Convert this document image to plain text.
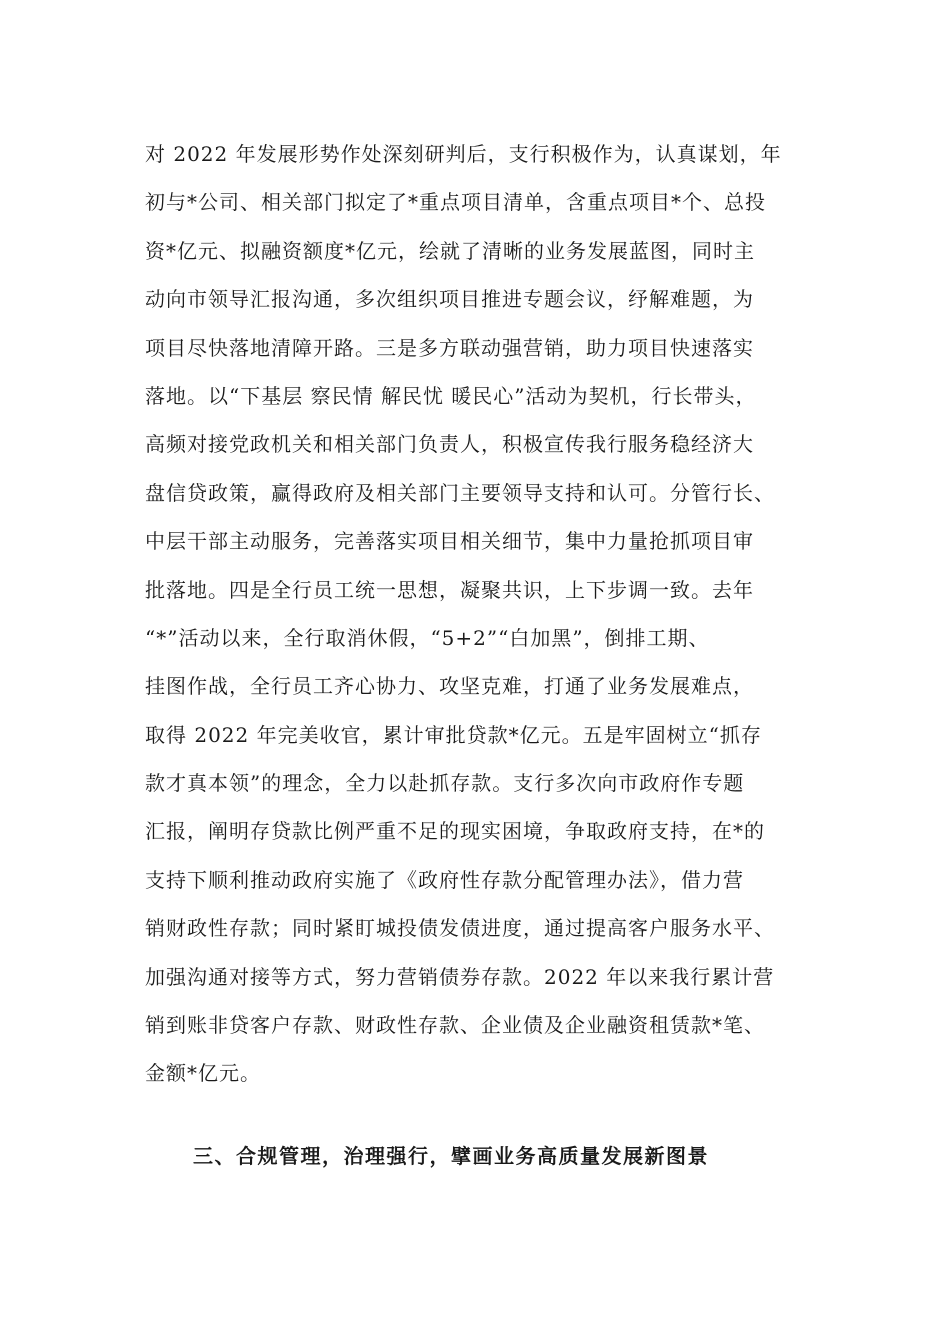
对 2022 年发展形势作处深刻研判后，支行积极作为，认真谋划，年
初与*公司、相关部门拟定了*重点项目清单，含重点项目*个、总投
资*亿元、拟融资额度*亿元，绘就了清晰的业务发展蓝图，同时主
动向市领导汇报沟通，多次组织项目推进专题会议，纾解难题，为
项目尽快落地清障开路。三是多方联动强营销，助力项目快速落实
落地。以“下基层 察民情 解民忧 暖民心”活动为契机，行长带头，
高频对接党政机关和相关部门负责人，积极宣传我行服务稳经济大
盘信贷政策，赢得政府及相关部门主要领导支持和认可。分管行长、
中层干部主动服务，完善落实项目相关细节，集中力量抢抓项目审
批落地。四是全行员工统一思想，凝聚共识，上下步调一致。去年
“*”活动以来，全行取消休假，“5+2”“白加黑”，倒排工期、
挂图作战，全行员工齐心协力、攻坚克难，打通了业务发展难点，
取得 2022 年完美收官，累计审批贷款*亿元。五是牢固树立“抓存
款才真本领”的理念，全力以赴抓存款。支行多次向市政府作专题
汇报，阐明存贷款比例严重不足的现实困境，争取政府支持，在*的
支持下顺利推动政府实施了《政府性存款分配管理办法》，借力营
销财政性存款；同时紧盯城投债发债进度，通过提高客户服务水平、
加强沟通对接等方式，努力营销债券存款。2022 年以来我行累计营
销到账非贷客户存款、财政性存款、企业债及企业融资租赁款*笔、
金额*亿元。
三、合规管理，治理强行，擘画业务高质量发展新图景
